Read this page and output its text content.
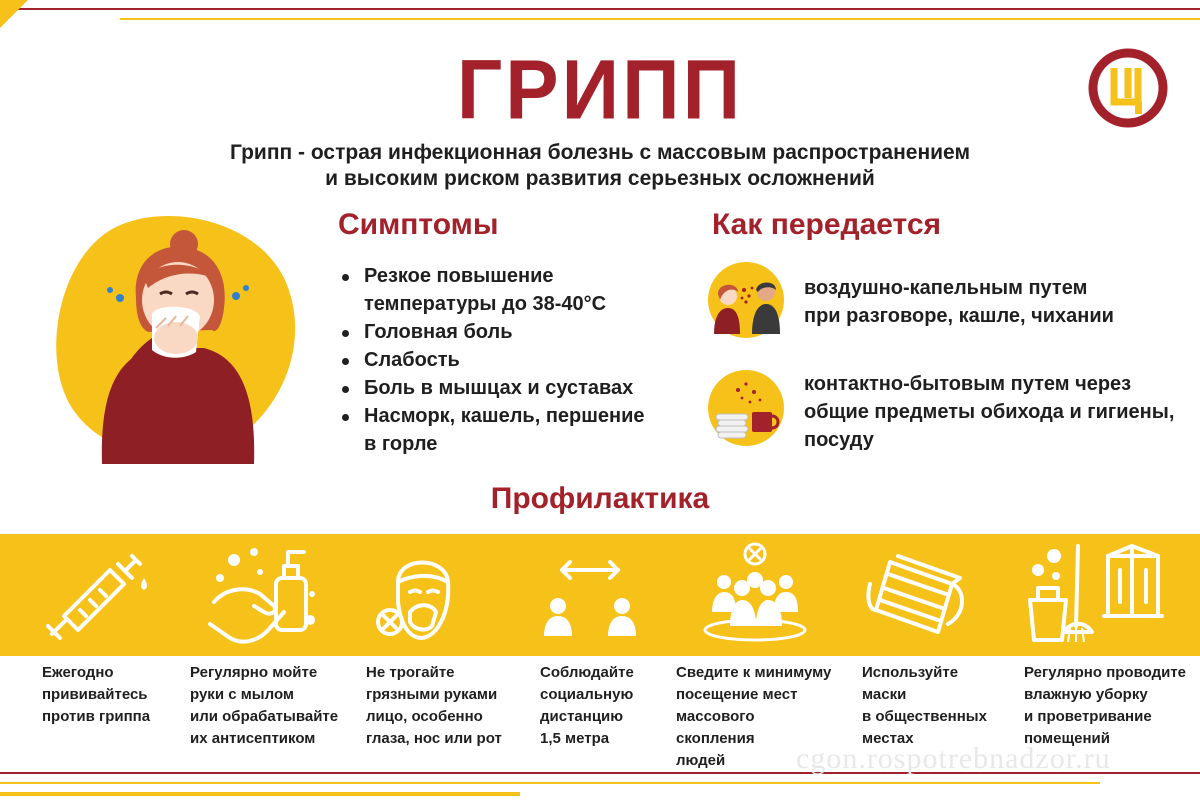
ГРИПП
Грипп - острая инфекционная болезнь с массовым распространением
и высоким риском развития серьезных осложнений
Симптомы
Резкое повышение температуры до 38-40°C
Головная боль
Слабость
Боль в мышцах и суставах
Насморк, кашель, першение в горле
Как передается
воздушно-капельным путем
при разговоре, кашле, чихании
контактно-бытовым путем через
общие предметы обихода и гигиены,
посуду
Профилактика
Ежегодно
прививайтесь
против гриппа
Регулярно мойте
руки с мылом
или обрабатывайте
их антисептиком
Не трогайте
грязными руками
лицо, особенно
глаза, нос или рот
Соблюдайте
социальную
дистанцию
1,5 метра
Сведите к минимуму
посещение мест
массового скопления
людей
Используйте
маски
в общественных
местах
Регулярно проводите
влажную уборку
и проветривание
помещений
cgon.rospotrebnadzor.ru
